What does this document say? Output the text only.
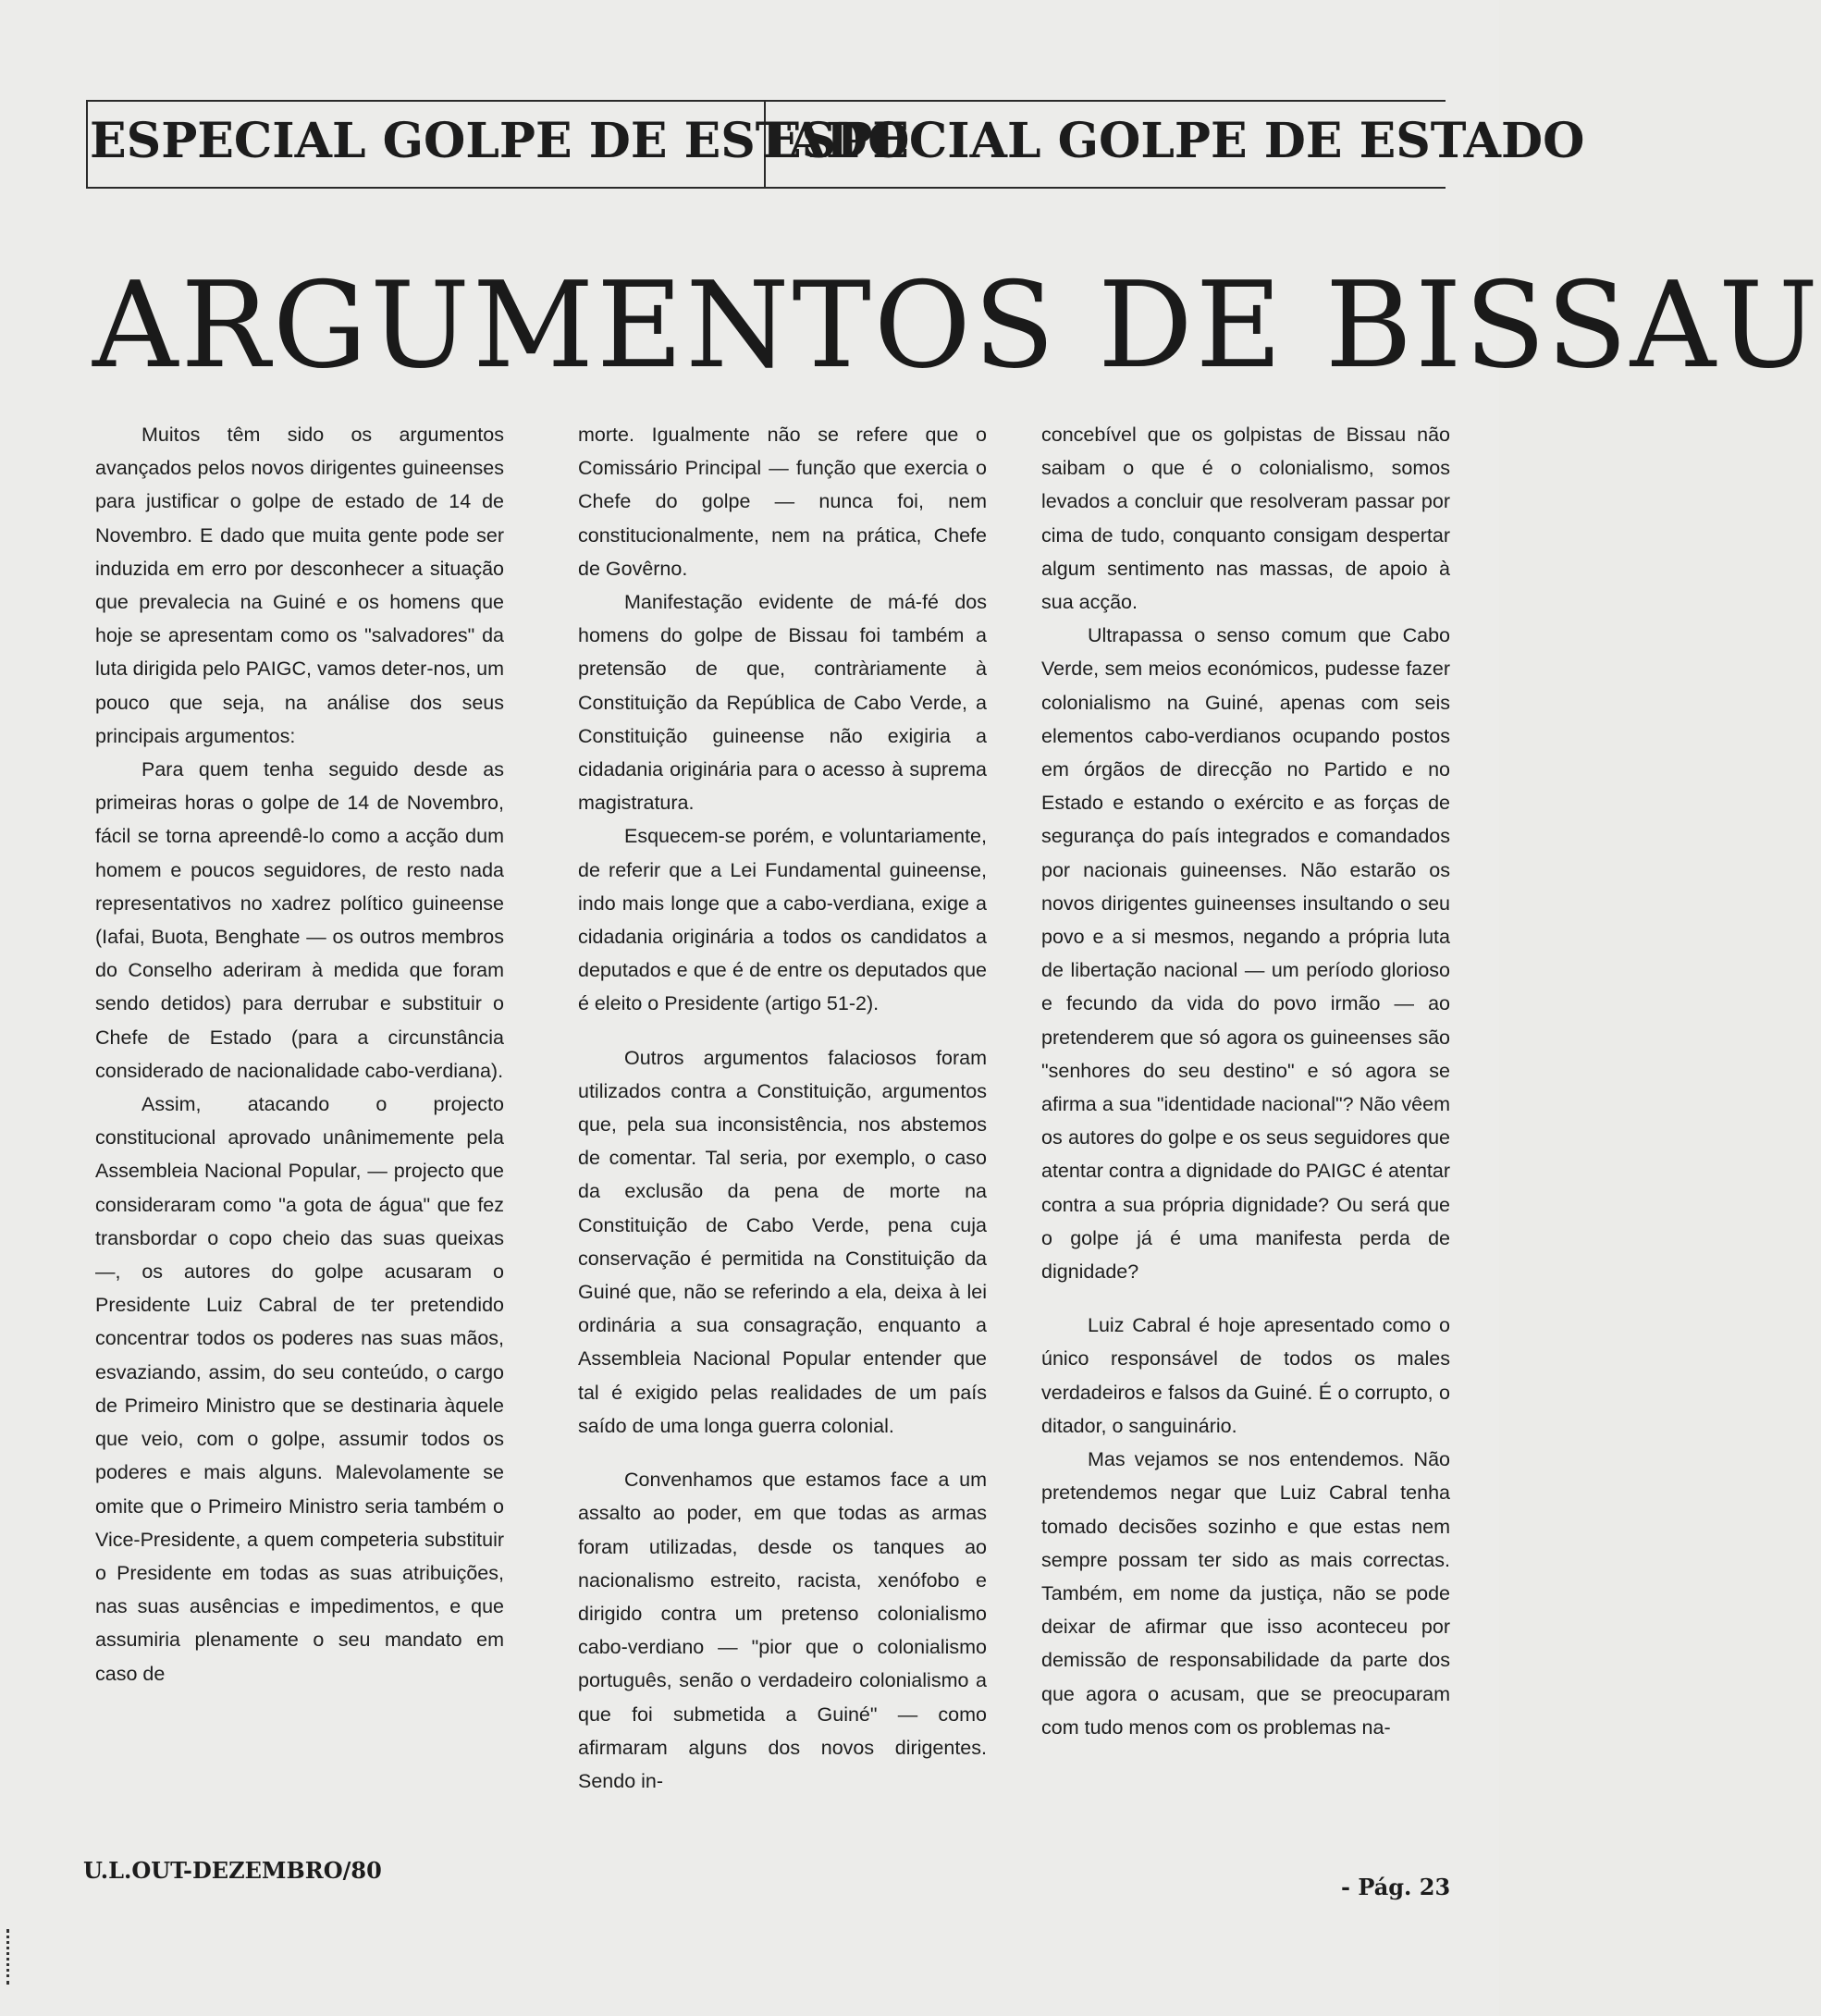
ESPECIAL GOLPE DE ESTADO
ESPECIAL GOLPE DE ESTADO
ARGUMENTOS DE BISSAU

Muitos têm sido os argumentos avançados pelos novos dirigentes guineenses para justificar o golpe de estado de 14 de Novembro. E dado que muita gente pode ser induzida em erro por desconhecer a situação que prevalecia na Guiné e os homens que hoje se apresentam como os "salvadores" da luta dirigida pelo PAIGC, vamos deter-nos, um pouco que seja, na análise dos seus principais argumentos:

Para quem tenha seguido desde as primeiras horas o golpe de 14 de Novembro, fácil se torna apreendê-lo como a acção dum homem e poucos seguidores, de resto nada representativos no xadrez político guineense (Iafai, Buota, Benghate — os outros membros do Conselho aderiram à medida que foram sendo detidos) para derrubar e substituir o Chefe de Estado (para a circunstância considerado de nacionalidade cabo-verdiana).

Assim, atacando o projecto constitucional aprovado unânimemente pela Assembleia Nacional Popular, — projecto que consideraram como "a gota de água" que fez transbordar o copo cheio das suas queixas —, os autores do golpe acusaram o Presidente Luiz Cabral de ter pretendido concentrar todos os poderes nas suas mãos, esvaziando, assim, do seu conteúdo, o cargo de Primeiro Ministro que se destinaria àquele que veio, com o golpe, assumir todos os poderes e mais alguns. Malevolamente se omite que o Primeiro Ministro seria também o Vice-Presidente, a quem competeria substituir o Presidente em todas as suas atribuições, nas suas ausências e impedimentos, e que assumiria plenamente o seu mandato em caso de

morte. Igualmente não se refere que o Comissário Principal — função que exercia o Chefe do golpe — nunca foi, nem constitucionalmente, nem na prática, Chefe de Govêrno.

Manifestação evidente de má-fé dos homens do golpe de Bissau foi também a pretensão de que, contràriamente à Constituição da República de Cabo Verde, a Constituição guineense não exigiria a cidadania originária para o acesso à suprema magistratura.

Esquecem-se porém, e voluntariamente, de referir que a Lei Fundamental guineense, indo mais longe que a cabo-verdiana, exige a cidadania originária a todos os candidatos a deputados e que é de entre os deputados que é eleito o Presidente (artigo 51-2).

Outros argumentos falaciosos foram utilizados contra a Constituição, argumentos que, pela sua inconsistência, nos abstemos de comentar. Tal seria, por exemplo, o caso da exclusão da pena de morte na Constituição de Cabo Verde, pena cuja conservação é permitida na Constituição da Guiné que, não se referindo a ela, deixa à lei ordinária a sua consagração, enquanto a Assembleia Nacional Popular entender que tal é exigido pelas realidades de um país saído de uma longa guerra colonial.

Convenhamos que estamos face a um assalto ao poder, em que todas as armas foram utilizadas, desde os tanques ao nacionalismo estreito, racista, xenófobo e dirigido contra um pretenso colonialismo cabo-verdiano — "pior que o colonialismo português, senão o verdadeiro colonialismo a que foi submetida a Guiné" — como afirmaram alguns dos novos dirigentes. Sendo in-

concebível que os golpistas de Bissau não saibam o que é o colonialismo, somos levados a concluir que resolveram passar por cima de tudo, conquanto consigam despertar algum sentimento nas massas, de apoio à sua acção.

Ultrapassa o senso comum que Cabo Verde, sem meios económicos, pudesse fazer colonialismo na Guiné, apenas com seis elementos cabo-verdianos ocupando postos em órgãos de direcção no Partido e no Estado e estando o exército e as forças de segurança do país integrados e comandados por nacionais guineenses. Não estarão os novos dirigentes guineenses insultando o seu povo e a si mesmos, negando a própria luta de libertação nacional — um período glorioso e fecundo da vida do povo irmão — ao pretenderem que só agora os guineenses são "senhores do seu destino" e só agora se afirma a sua "identidade nacional"? Não vêem os autores do golpe e os seus seguidores que atentar contra a dignidade do PAIGC é atentar contra a sua própria dignidade? Ou será que o golpe já é uma manifesta perda de dignidade?

Luiz Cabral é hoje apresentado como o único responsável de todos os males verdadeiros e falsos da Guiné. É o corrupto, o ditador, o sanguinário.

Mas vejamos se nos entendemos. Não pretendemos negar que Luiz Cabral tenha tomado decisões sozinho e que estas nem sempre possam ter sido as mais correctas. Também, em nome da justiça, não se pode deixar de afirmar que isso aconteceu por demissão de responsabilidade da parte dos que agora o acusam, que se preocuparam com tudo menos com os problemas na-

U.L.OUT-DEZEMBRO/80
- Pág. 23
